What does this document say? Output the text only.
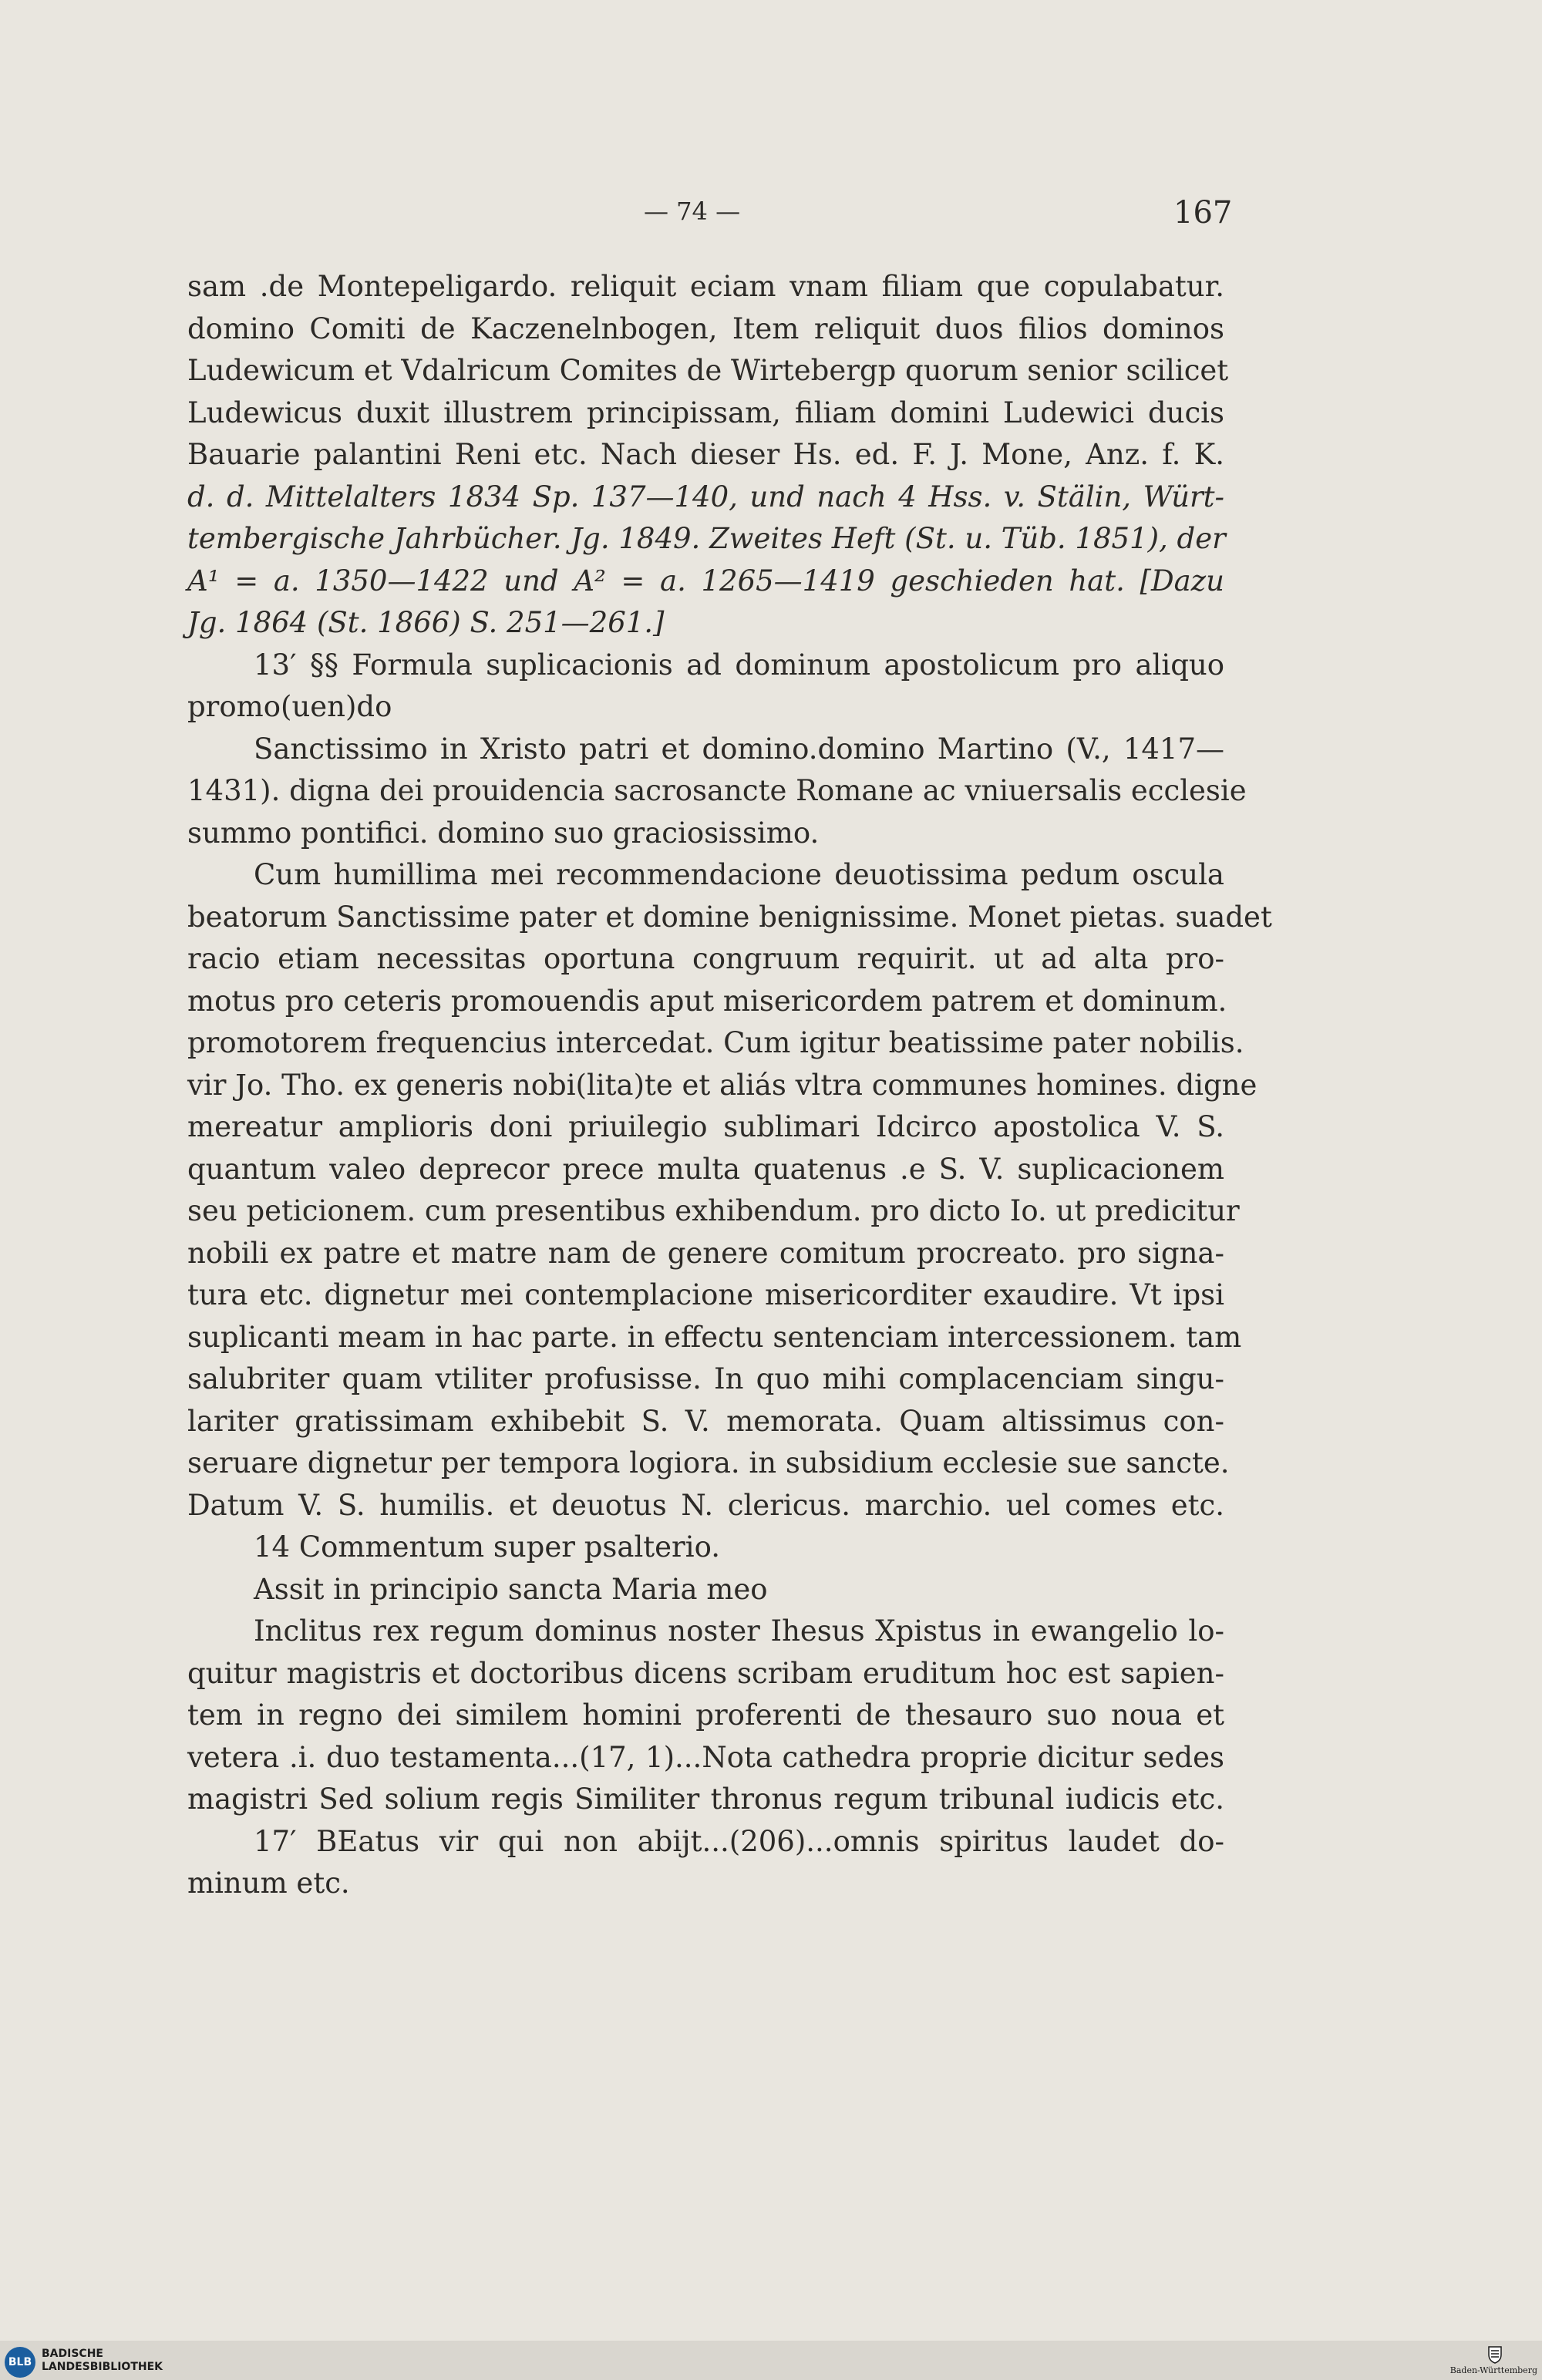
— 74 —	167
sam .de Montepeligardo. reliquit eciam vnam filiam que copulabatur.
domino Comiti de Kaczenelnbogen, Item reliquit duos filios dominos
Ludewicum et Vdalricum Comites de Wirtebergp quorum senior scilicet
Ludewicus duxit illustrem principissam, filiam domini Ludewici ducis
Bauarie palantini Reni etc. Nach dieser Hs. ed. F. J. Mone, Anz. f. K.
d. d. Mittelalters 1834 Sp. 137—140, und nach 4 Hss. v. Stälin, Würt-
tembergische Jahrbücher. Jg. 1849. Zweites Heft (St. u. Tüb. 1851), der
A¹ = a. 1350—1422 und A² = a. 1265—1419 geschieden hat. [Dazu
Jg. 1864 (St. 1866) S. 251—261.]
13′ §§ Formula suplicacionis ad dominum apostolicum pro aliquo
promo(uen)do
Sanctissimo in Xristo patri et domino.domino Martino (V., 1417—
1431). digna dei prouidencia sacrosancte Romane ac vniuersalis ecclesie
summo pontifici. domino suo graciosissimo.
Cum humillima mei recommendacione deuotissima pedum oscula
beatorum Sanctissime pater et domine benignissime. Monet pietas. suadet
racio etiam necessitas oportuna congruum requirit. ut ad alta pro-
motus pro ceteris promouendis aput misericordem patrem et dominum.
promotorem frequencius intercedat. Cum igitur beatissime pater nobilis.
vir Jo. Tho. ex generis nobi(lita)te et aliás vltra communes homines. digne
mereatur amplioris doni priuilegio sublimari Idcirco apostolica V. S.
quantum valeo deprecor prece multa quatenus .e S. V. suplicacionem
seu peticionem. cum presentibus exhibendum. pro dicto Io. ut predicitur
nobili ex patre et matre nam de genere comitum procreato. pro signa-
tura etc. dignetur mei contemplacione misericorditer exaudire. Vt ipsi
suplicanti meam in hac parte. in effectu sentenciam intercessionem. tam
salubriter quam vtiliter profusisse. In quo mihi complacenciam singu-
lariter gratissimam exhibebit S. V. memorata. Quam altissimus con-
seruare dignetur per tempora logiora. in subsidium ecclesie sue sancte.
Datum V. S. humilis. et deuotus N. clericus. marchio. uel comes etc.
14 Commentum super psalterio.
Assit in principio sancta Maria meo
Inclitus rex regum dominus noster Ihesus Xpistus in ewangelio lo-
quitur magistris et doctoribus dicens scribam eruditum hoc est sapien-
tem in regno dei similem homini proferenti de thesauro suo noua et
vetera .i. duo testamenta...(17, 1)...Nota cathedra proprie dicitur sedes
magistri Sed solium regis Similiter thronus regum tribunal iudicis etc.
17′ BEatus vir qui non abijt...(206)...omnis spiritus laudet do-
minum etc.
BLB
BADISCHE
LANDESBIBLIOTHEK	Baden-Württemberg
